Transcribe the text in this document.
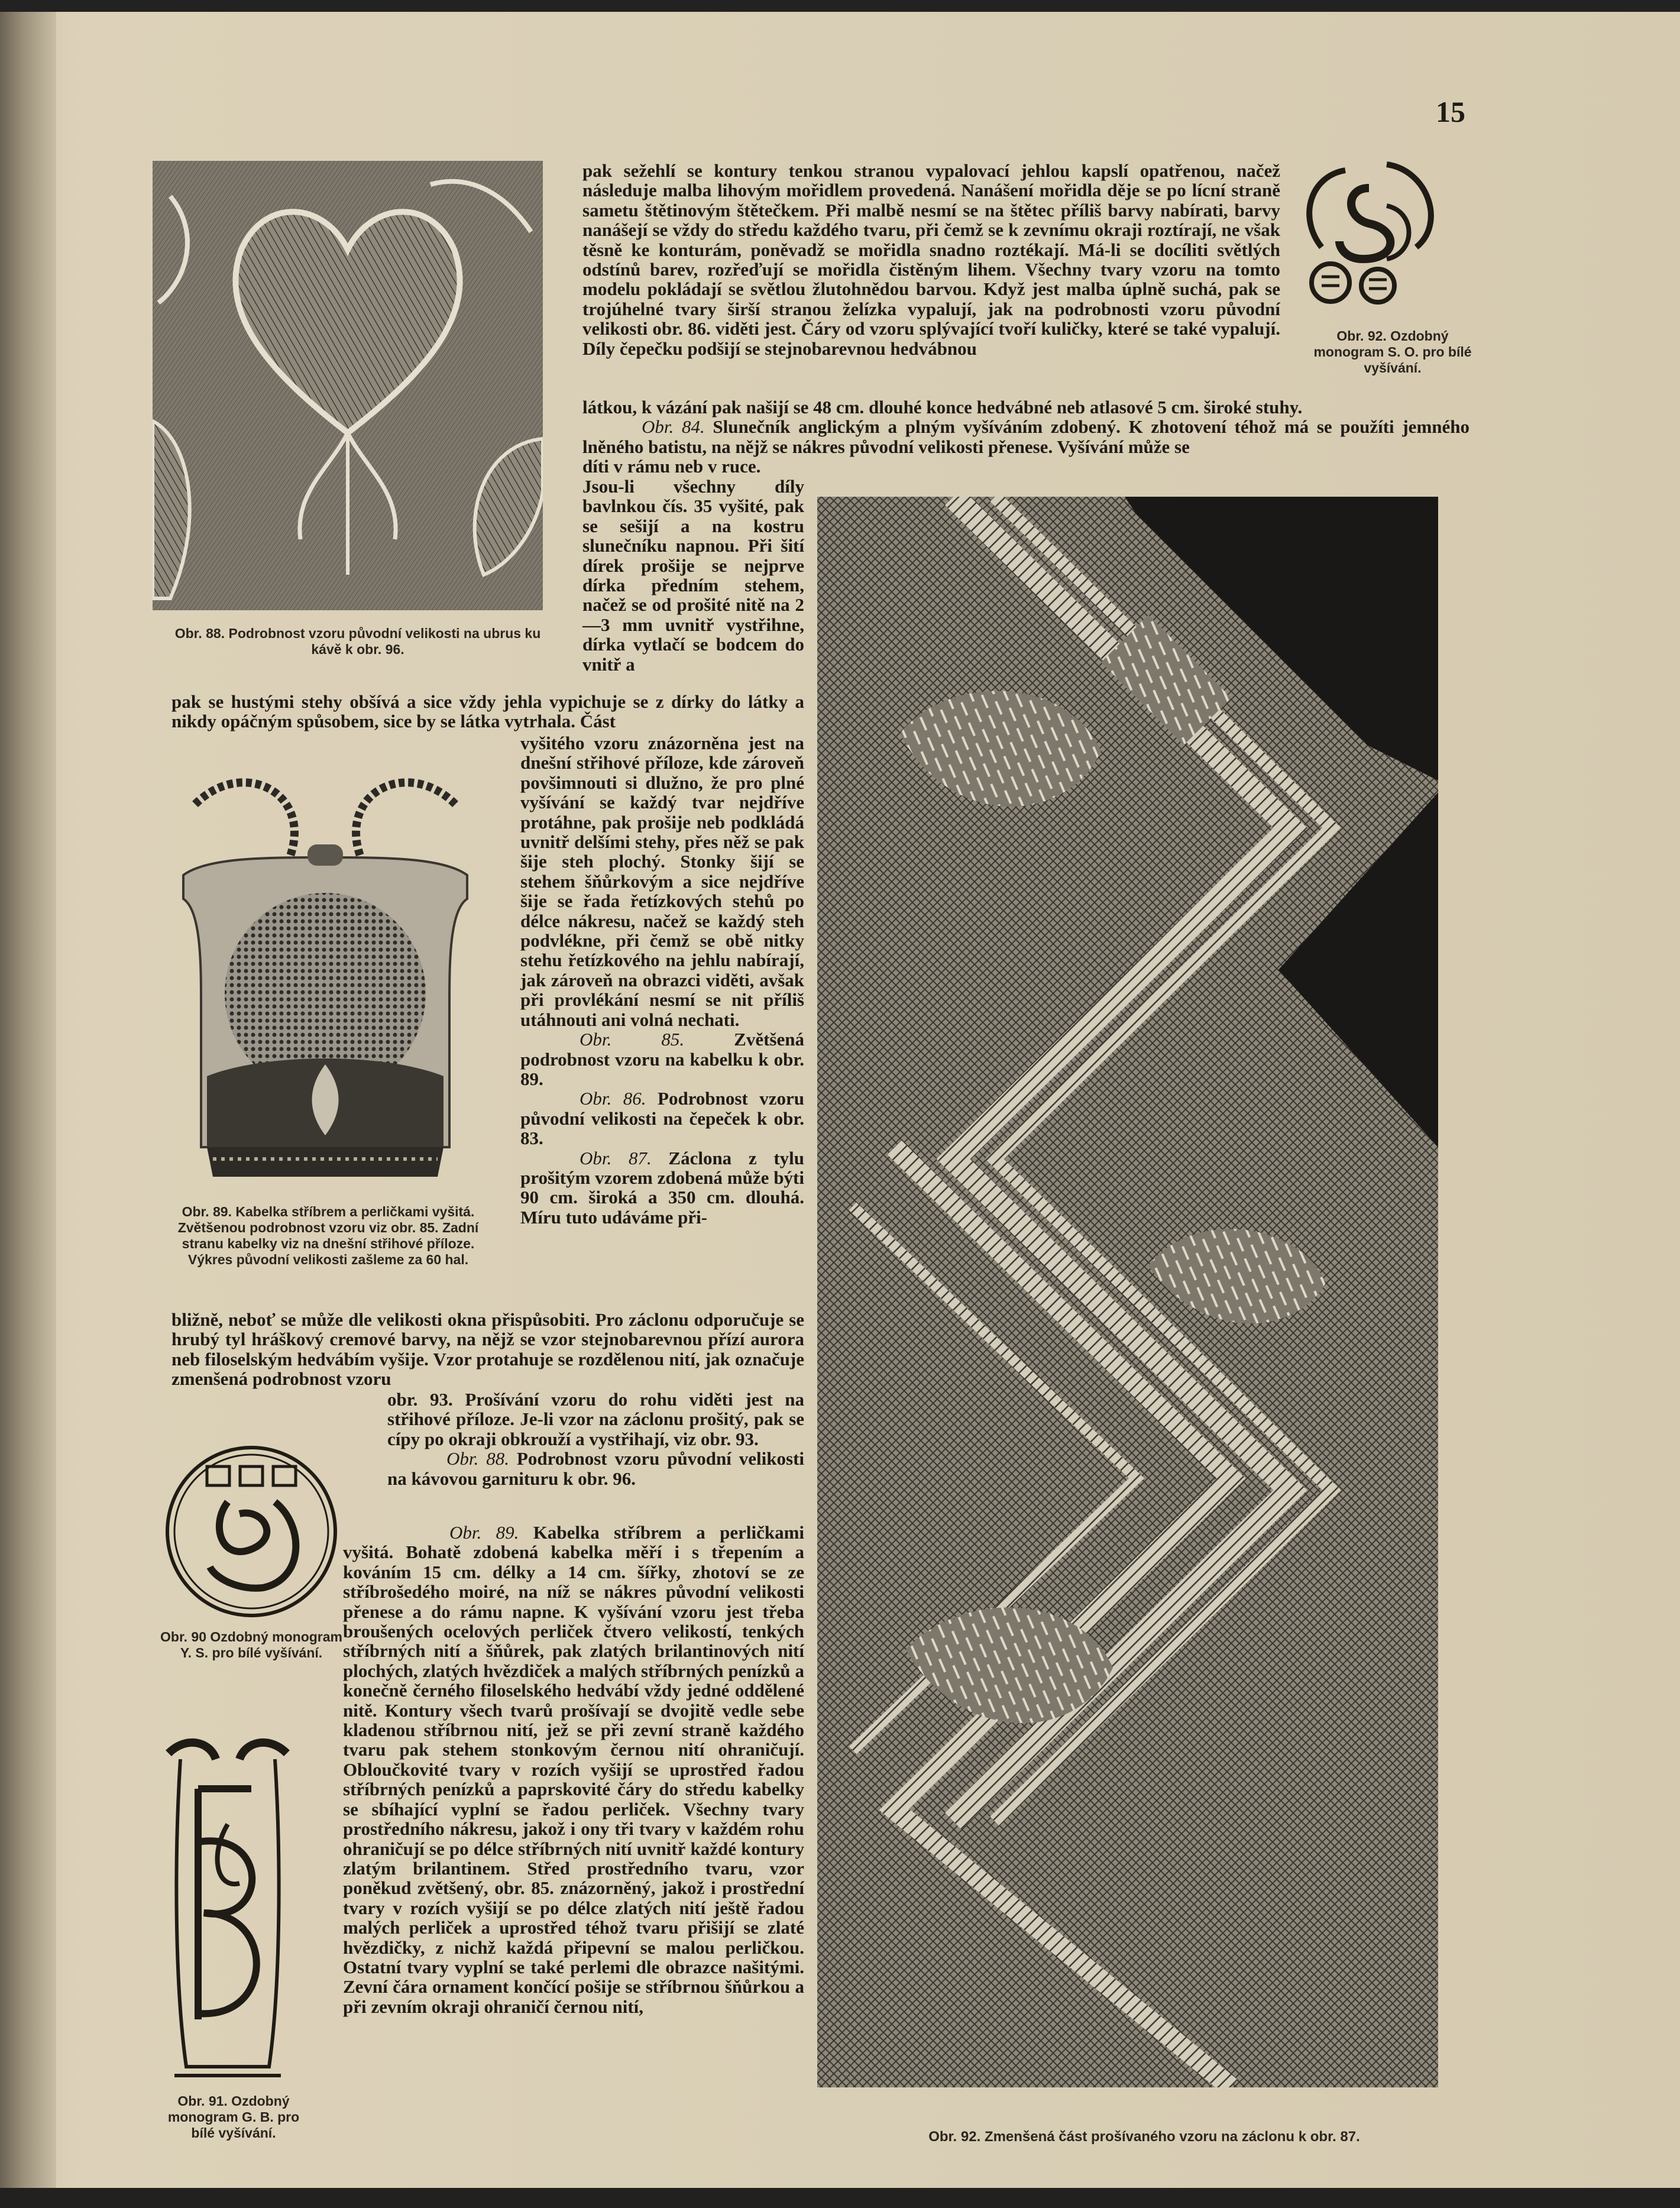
15

Obr. 88. Podrobnost vzoru původní velikosti na ubrus ku kávě k obr. 96.

Obr. 89. Kabelka stříbrem a perličkami vyšitá. Zvětšenou podrobnost vzoru viz obr. 85. Zadní stranu kabelky viz na dnešní střihové příloze. Výkres původní velikosti zašleme za 60 hal.

Obr. 90 Ozdobný monogram Y. S. pro bílé vyšívání.

Obr. 91. Ozdobný monogram G. B. pro bílé vyšívání.

Obr. 92. Ozdobný monogram S. O. pro bílé vyšívání.

Obr. 92. Zmenšená část prošívaného vzoru na záclonu k obr. 87.

pak sežehlí se kontury tenkou stranou vypalovací jehlou kapslí opatřenou, načež následuje malba lihovým mořidlem provedená. Nanášení mořidla děje se po lícní straně sametu štětinovým štětečkem. Při malbě nesmí se na štětec příliš barvy nabírati, barvy nanášejí se vždy do středu každého tvaru, při čemž se k zevnímu okraji roztírají, ne však těsně ke konturám, poněvadž se mořidla snadno roztékají. Má-li se docíliti světlých odstínů barev, rozřeďují se mořidla čistěným lihem. Všechny tvary vzoru na tomto modelu pokládají se světlou žlutohnědou barvou. Když jest malba úplně suchá, pak se trojúhelné tvary širší stranou želízka vypalují, jak na podrobnosti vzoru původní velikosti obr. 86. viděti jest. Čáry od vzoru splývající tvoří kuličky, které se také vypalují. Díly čepečku podšijí se stejnobarevnou hedvábnou

látkou, k vázání pak našijí se 48 cm. dlouhé konce hedvábné neb atlasové 5 cm. široké stuhy.

Obr. 84. Slunečník anglickým a plným vyšíváním zdobený. K zhotovení téhož má se použíti jemného lněného batistu, na nějž se nákres původní velikosti přenese. Vyšívání může se

díti v rámu neb v ruce.

Jsou-li všechny díly bavlnkou čís. 35 vyšité, pak se sešijí a na kostru slunečníku napnou. Při šití dírek prošije se nejprve dírka předním stehem, načež se od prošité nitě na 2—3 mm uvnitř vystřihne, dírka vytlačí se bodcem do vnitř a

pak se hustými stehy obšívá a sice vždy jehla vypichuje se z dírky do látky a nikdy opáčným spůsobem, sice by se látka vytrhala. Část

vyšitého vzoru znázorněna jest na dnešní střihové příloze, kde zároveň povšimnouti si dlužno, že pro plné vyšívání se každý tvar nejdříve protáhne, pak prošije neb podkládá uvnitř delšími stehy, přes něž se pak šije steh plochý. Stonky šijí se stehem šňůrkovým a sice nejdříve šije se řada řetízkových stehů po délce nákresu, načež se každý steh podvlékne, při čemž se obě nitky stehu řetízkového na jehlu nabírají, jak zároveň na obrazci viděti, avšak při provlékání nesmí se nit příliš utáhnouti ani volná nechati.

Obr. 85.	Zvětšená podrobnost vzoru na kabelku k obr. 89.

Obr. 86. Podrobnost vzoru původní velikosti na čepeček k obr. 83.

Obr. 87. Záclona z tylu prošitým vzorem zdobená může býti 90 cm. široká a 350 cm. dlouhá. Míru tuto udáváme při-

bližně, neboť se může dle velikosti okna přispůsobiti. Pro záclonu odporučuje se hrubý tyl hráškový cremové barvy, na nějž se vzor stejnobarevnou přízí aurora neb filoselským hedvábím vyšije. Vzor protahuje se rozdělenou nití, jak označuje zmenšená podrobnost vzoru

obr. 93. Prošívání vzoru do rohu viděti jest na střihové příloze. Je-li vzor na záclonu prošitý, pak se cípy po okraji obkrouží a vystřihají, viz obr. 93.

Obr. 88. Podrobnost vzoru původní velikosti na kávovou garnituru k obr. 96.

Obr. 89. Kabelka stříbrem a perličkami vyšitá. Bohatě zdobená kabelka měří i s třepením a kováním 15 cm. délky a 14 cm. šířky, zhotoví se ze stříbrošedého moiré, na níž se nákres původní velikosti přenese a do rámu napne. K vyšívání vzoru jest třeba broušených ocelových perliček čtvero velikostí, tenkých stříbrných nití a šňůrek, pak zlatých brilantinových nití plochých, zlatých hvězdiček a malých stříbrných penízků a konečně černého filoselského hedvábí vždy jedné oddělené nitě. Kontury všech tvarů prošívají se dvojitě vedle sebe kladenou stříbrnou nití, jež se při zevní straně každého tvaru pak stehem stonkovým černou nití ohraničují. Obloučkovité tvary v rozích vyšijí se uprostřed řadou stříbrných penízků a paprskovité čáry do středu kabelky se sbíhající vyplní se řadou perliček. Všechny tvary prostředního nákresu, jakož i ony tři tvary v každém rohu ohraničují se po délce stříbrných nití uvnitř každé kontury zlatým brilantinem. Střed prostředního tvaru, vzor poněkud zvětšený, obr. 85. znázorněný, jakož i prostřední tvary v rozích vyšijí se po délce zlatých nití ještě řadou malých perliček a uprostřed téhož tvaru přišijí se zlaté hvězdičky, z nichž každá připevní se malou perličkou. Ostatní tvary vyplní se také perlemi dle obrazce našitými. Zevní čára ornament končící pošije se stříbrnou šňůrkou a při zevním okraji ohraničí černou nití,
